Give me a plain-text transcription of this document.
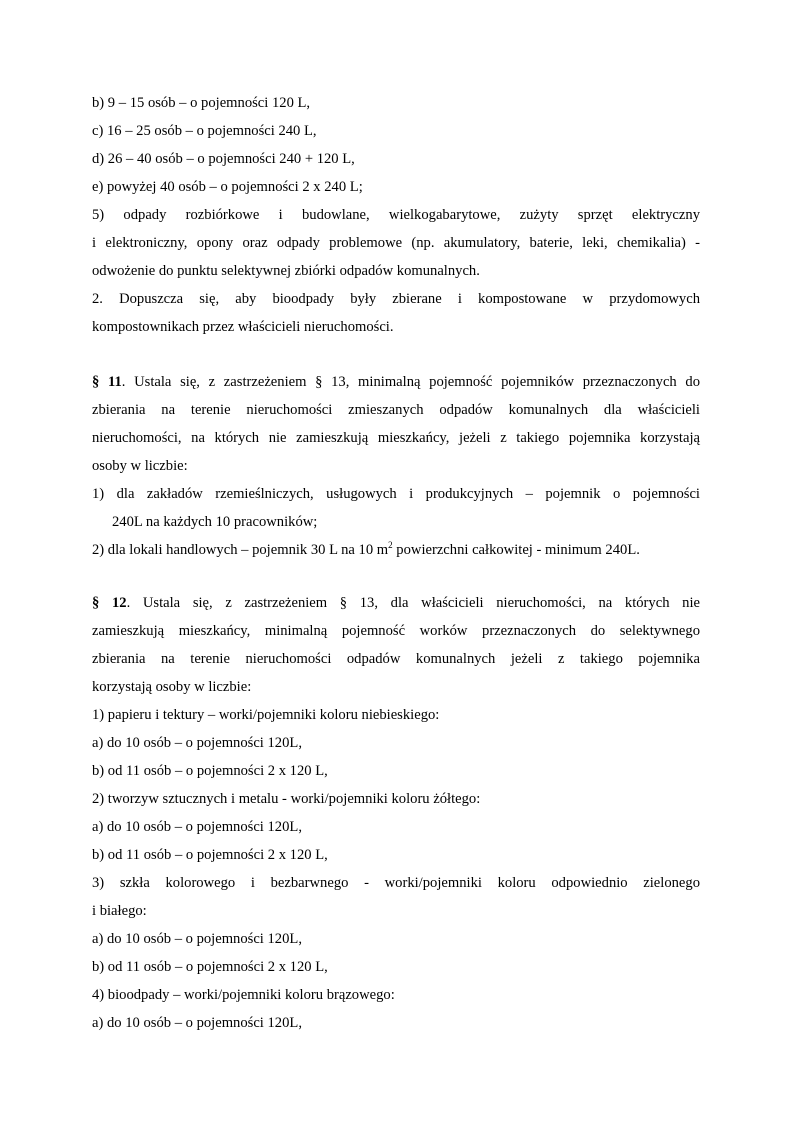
b) 9 – 15 osób – o pojemności 120 L,
c) 16 – 25 osób – o pojemności 240 L,
d) 26 – 40 osób – o pojemności 240 + 120 L,
e) powyżej 40 osób – o pojemności 2 x 240 L;
5) odpady rozbiórkowe i budowlane, wielkogabarytowe, zużyty sprzęt elektryczny
i elektroniczny, opony oraz odpady problemowe (np. akumulatory, baterie, leki, chemikalia) -
odwożenie do punktu selektywnej zbiórki odpadów komunalnych.
2. Dopuszcza się, aby bioodpady były zbierane i kompostowane w przydomowych
kompostownikach przez właścicieli nieruchomości.
§ 11. Ustala się, z zastrzeżeniem § 13, minimalną pojemność pojemników przeznaczonych do
zbierania na terenie nieruchomości zmieszanych odpadów komunalnych dla właścicieli
nieruchomości, na których nie zamieszkują mieszkańcy, jeżeli z takiego pojemnika korzystają
osoby w liczbie:
1) dla zakładów rzemieślniczych, usługowych i produkcyjnych – pojemnik o pojemności
240L na każdych 10 pracowników;
2) dla lokali handlowych – pojemnik 30 L na 10 $m^2$ powierzchni całkowitej - minimum 240L.
§ 12. Ustala się, z zastrzeżeniem § 13, dla właścicieli nieruchomości, na których nie
zamieszkują mieszkańcy, minimalną pojemność worków przeznaczonych do selektywnego
zbierania na terenie nieruchomości odpadów komunalnych jeżeli z takiego pojemnika
korzystają osoby w liczbie:
1) papieru i tektury – worki/pojemniki koloru niebieskiego:
a) do 10 osób – o pojemności 120L,
b) od 11 osób – o pojemności 2 x 120 L,
2) tworzyw sztucznych i metalu - worki/pojemniki koloru żółtego:
a) do 10 osób – o pojemności 120L,
b) od 11 osób – o pojemności 2 x 120 L,
3) szkła kolorowego i bezbarwnego - worki/pojemniki koloru odpowiednio zielonego
i białego:
a) do 10 osób – o pojemności 120L,
b) od 11 osób – o pojemności 2 x 120 L,
4) bioodpady – worki/pojemniki koloru brązowego:
a) do 10 osób – o pojemności 120L,
